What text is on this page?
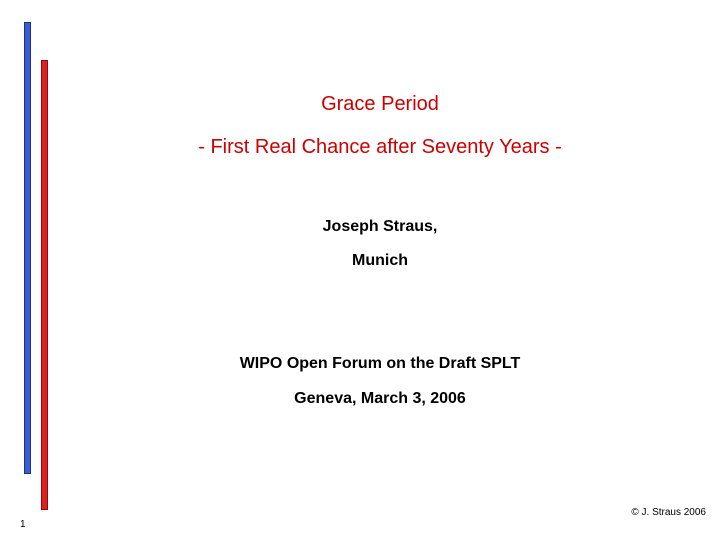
Grace Period
- First Real Chance after Seventy Years -
Joseph Straus,
Munich
WIPO Open Forum on the Draft SPLT
Geneva, March 3, 2006
1
© J. Straus 2006
